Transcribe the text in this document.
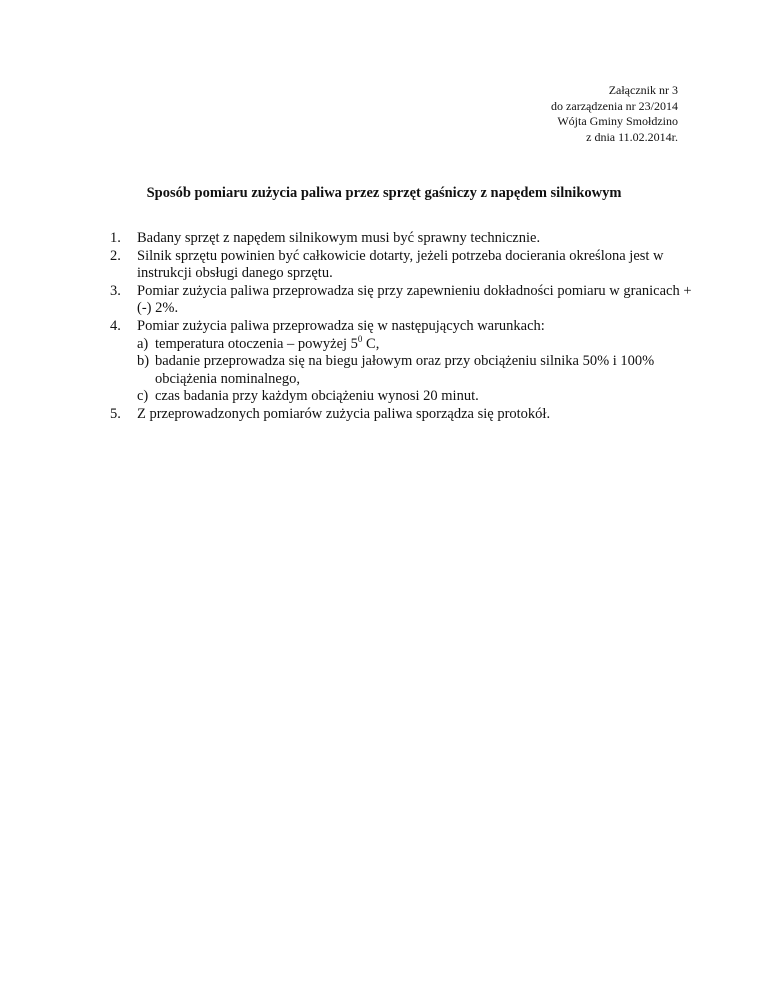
Załącznik nr 3
do zarządzenia nr 23/2014
Wójta Gminy Smołdzino
z dnia 11.02.2014r.
Sposób pomiaru zużycia paliwa przez sprzęt gaśniczy z napędem silnikowym
1. Badany sprzęt z napędem silnikowym musi być sprawny technicznie.
2. Silnik sprzętu powinien być całkowicie dotarty, jeżeli potrzeba docierania określona jest w instrukcji obsługi danego sprzętu.
3. Pomiar zużycia paliwa przeprowadza się przy zapewnieniu dokładności pomiaru w granicach + (-) 2%.
4. Pomiar zużycia paliwa przeprowadza się w następujących warunkach:
a) temperatura otoczenia – powyżej $5^0$ C,
b) badanie przeprowadza się na biegu jałowym oraz przy obciążeniu silnika 50% i 100% obciążenia nominalnego,
c) czas badania przy każdym obciążeniu wynosi 20 minut.
5. Z przeprowadzonych pomiarów zużycia paliwa sporządza się protokół.
